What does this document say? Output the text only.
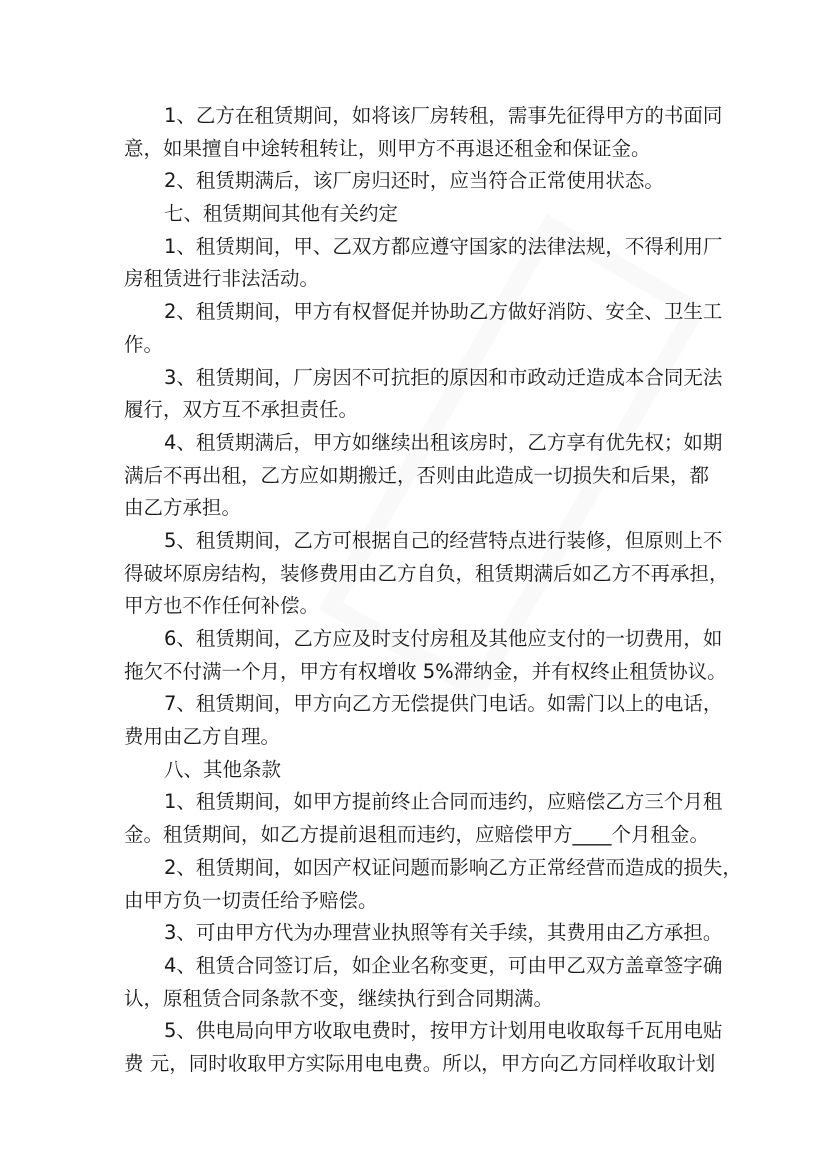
1、乙方在租赁期间，如将该厂房转租，需事先征得甲方的书面同
意，如果擅自中途转租转让，则甲方不再退还租金和保证金。
2、租赁期满后，该厂房归还时，应当符合正常使用状态。
七、租赁期间其他有关约定
1、租赁期间，甲、乙双方都应遵守国家的法律法规，不得利用厂
房租赁进行非法活动。
2、租赁期间，甲方有权督促并协助乙方做好消防、安全、卫生工
作。
3、租赁期间，厂房因不可抗拒的原因和市政动迁造成本合同无法
履行，双方互不承担责任。
4、租赁期满后，甲方如继续出租该房时，乙方享有优先权；如期
满后不再出租，乙方应如期搬迁，否则由此造成一切损失和后果，都
由乙方承担。
5、租赁期间，乙方可根据自己的经营特点进行装修，但原则上不
得破坏原房结构，装修费用由乙方自负，租赁期满后如乙方不再承担，
甲方也不作任何补偿。
6、租赁期间，乙方应及时支付房租及其他应支付的一切费用，如
拖欠不付满一个月，甲方有权增收 5%滞纳金，并有权终止租赁协议。
7、租赁期间，甲方向乙方无偿提供门电话。如需门以上的电话，
费用由乙方自理。
八、其他条款
1、租赁期间，如甲方提前终止合同而违约，应赔偿乙方三个月租
金。租赁期间，如乙方提前退租而违约，应赔偿甲方____个月租金。
2、租赁期间，如因产权证问题而影响乙方正常经营而造成的损失，
由甲方负一切责任给予赔偿。
3、可由甲方代为办理营业执照等有关手续，其费用由乙方承担。
4、租赁合同签订后，如企业名称变更，可由甲乙双方盖章签字确
认，原租赁合同条款不变，继续执行到合同期满。
5、供电局向甲方收取电费时，按甲方计划用电收取每千瓦用电贴
费 元，同时收取甲方实际用电电费。所以，甲方向乙方同样收取计划
